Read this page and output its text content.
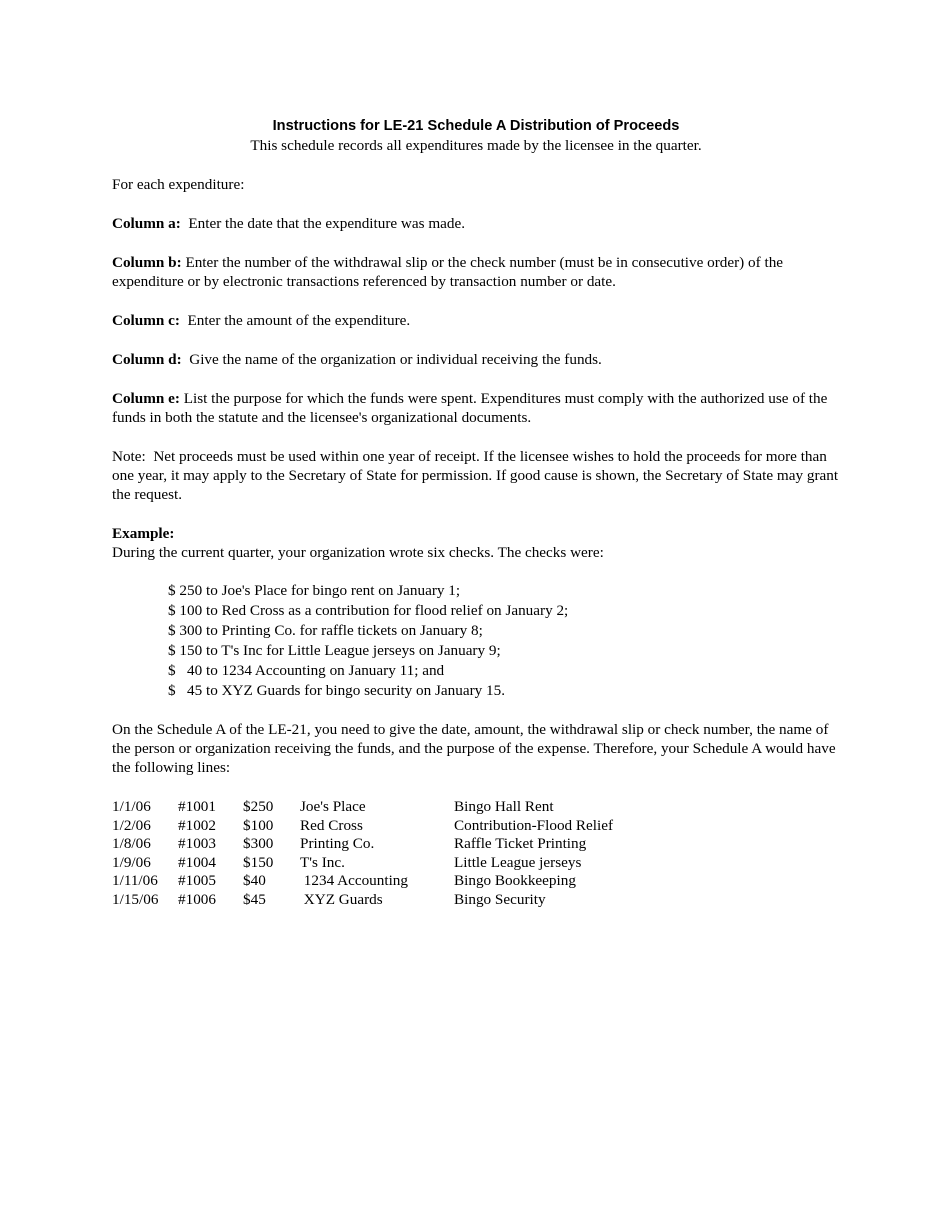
Instructions for LE-21 Schedule A Distribution of Proceeds
This schedule records all expenditures made by the licensee in the quarter.

For each expenditure:

Column a: Enter the date that the expenditure was made.

Column b: Enter the number of the withdrawal slip or the check number (must be in consecutive order) of the expenditure or by electronic transactions referenced by transaction number or date.

Column c: Enter the amount of the expenditure.

Column d: Give the name of the organization or individual receiving the funds.

Column e: List the purpose for which the funds were spent. Expenditures must comply with the authorized use of the funds in both the statute and the licensee's organizational documents.

Note:  Net proceeds must be used within one year of receipt. If the licensee wishes to hold the proceeds for more than one year, it may apply to the Secretary of State for permission. If good cause is shown, the Secretary of State may grant the request.

Example:
During the current quarter, your organization wrote six checks. The checks were:
$ 250 to Joe's Place for bingo rent on January 1;
$ 100 to Red Cross as a contribution for flood relief on January 2;
$ 300 to Printing Co. for raffle tickets on January 8;
$ 150 to T's Inc for Little League jerseys on January 9;
$   40 to 1234 Accounting on January 11; and
$   45 to XYZ Guards for bingo security on January 15.

On the Schedule A of the LE-21, you need to give the date, amount, the withdrawal slip or check number, the name of the person or organization receiving the funds, and the purpose of the expense. Therefore, your Schedule A would have the following lines:

1/1/06	#1001	$250	Joe's Place	Bingo Hall Rent
1/2/06	#1002	$100	Red Cross	Contribution-Flood Relief
1/8/06	#1003	$300	Printing Co.	Raffle Ticket Printing
1/9/06	#1004	$150	T's Inc.	Little League jerseys
1/11/06	#1005	$40	1234 Accounting	Bingo Bookkeeping
1/15/06	#1006	$45	XYZ Guards	Bingo Security
